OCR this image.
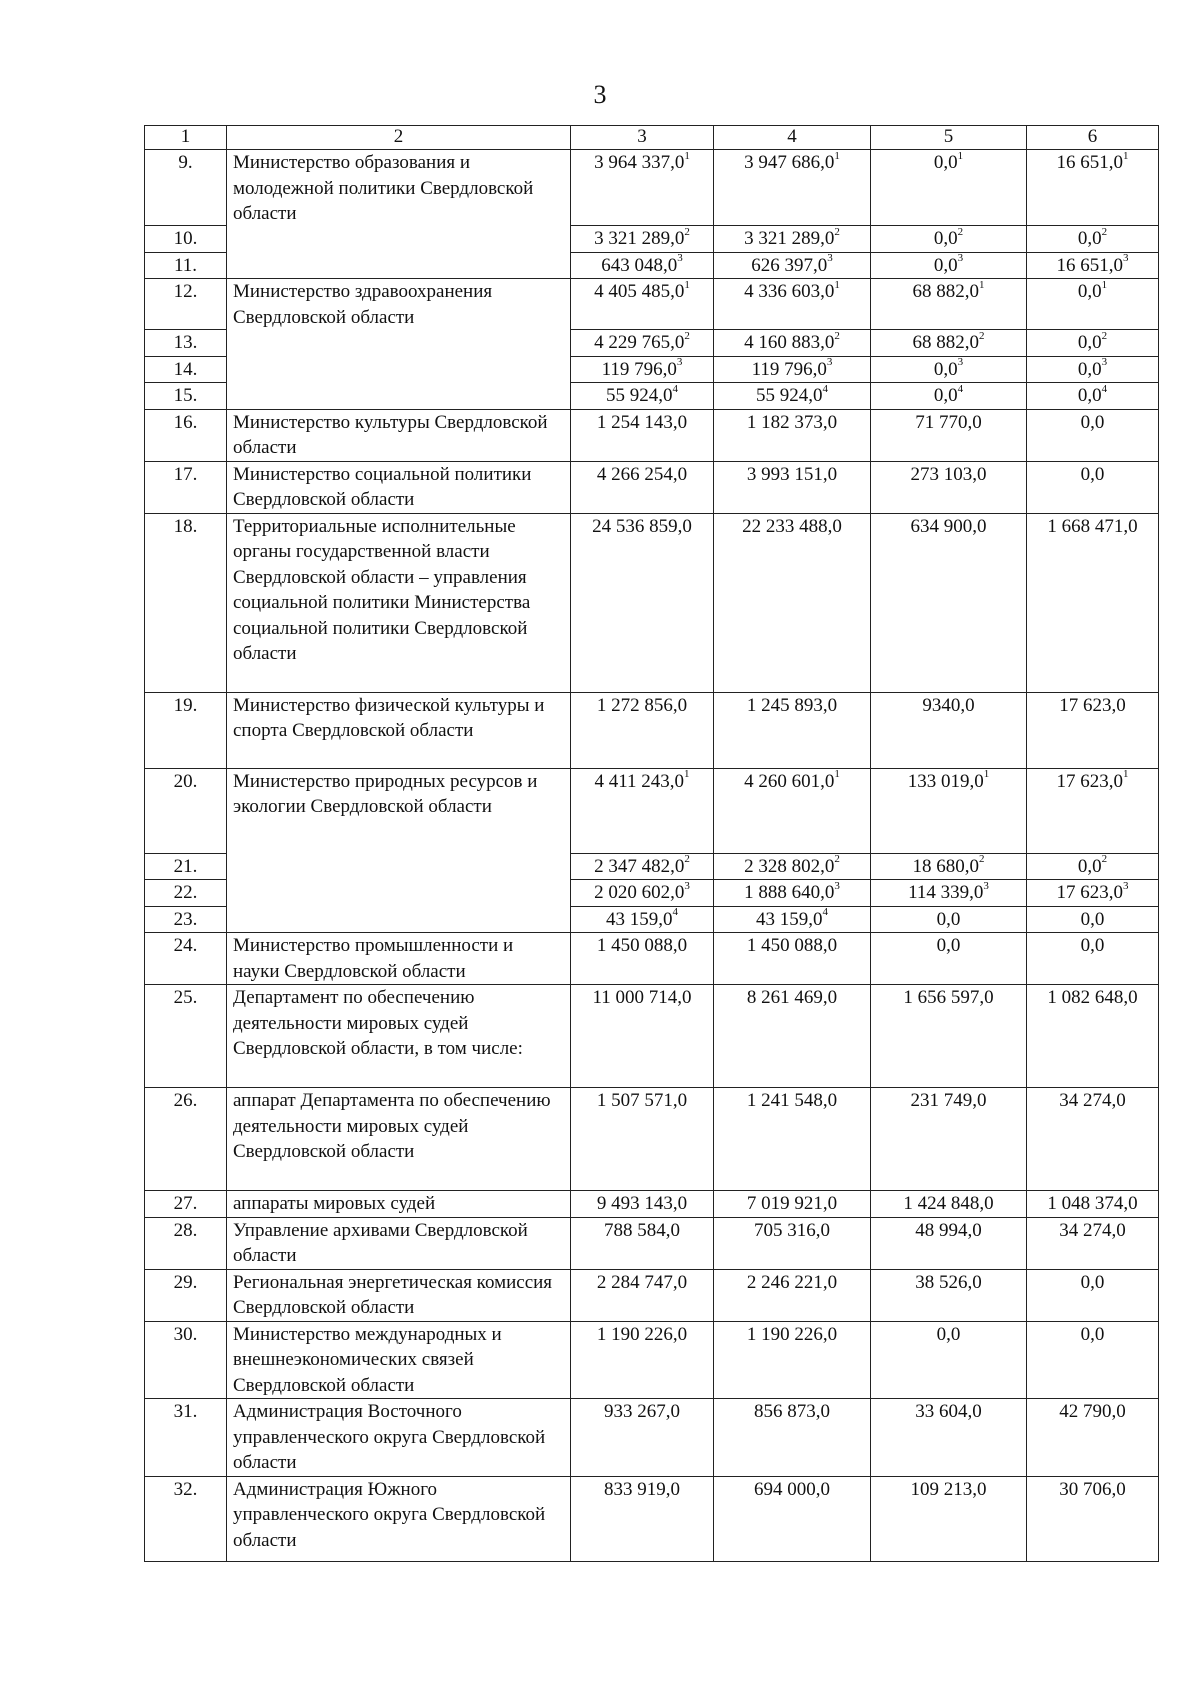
3
1	2	3	4	5	6
9.	Министерство образования и молодежной политики Свердловской области	3 964 337,0$^1$	3 947 686,0$^1$	$0,0^1$	16 651,0$^1$
10.		3 321 289,0$^2$	3 321 289,0$^2$	$0,0^2$	$0,0^2$
11.		643 048,0$^3$	626 397,0$^3$	$0,0^3$	16 651,0$^3$
12.	Министерство здравоохранения Свердловской области	4 405 485,0$^1$	4 336 603,0$^1$	68 882,0$^1$	$0,0^1$
13.		4 229 765,0$^2$	4 160 883,0$^2$	68 882,0$^2$	$0,0^2$
14.		119 796,0$^3$	119 796,0$^3$	$0,0^3$	$0,0^3$
15.		55 924,0$^4$	55 924,0$^4$	$0,0^4$	$0,0^4$
16.	Министерство культуры Свердловской области	1 254 143,0	1 182 373,0	71 770,0	0,0
17.	Министерство социальной политики Свердловской области	4 266 254,0	3 993 151,0	273 103,0	0,0
18.	Территориальные исполнительные органы государственной власти Свердловской области – управления социальной политики Министерства социальной политики Свердловской области	24 536 859,0	22 233 488,0	634 900,0	1 668 471,0
19.	Министерство физической культуры и спорта Свердловской области	1 272 856,0	1 245 893,0	9340,0	17 623,0
20.	Министерство природных ресурсов и экологии Свердловской области	4 411 243,0$^1$	4 260 601,0$^1$	133 019,0$^1$	17 623,0$^1$
21.		2 347 482,0$^2$	2 328 802,0$^2$	18 680,0$^2$	$0,0^2$
22.		2 020 602,0$^3$	1 888 640,0$^3$	114 339,0$^3$	17 623,0$^3$
23.		43 159,0$^4$	43 159,0$^4$	0,0	0,0
24.	Министерство промышленности и науки Свердловской области	1 450 088,0	1 450 088,0	0,0	0,0
25.	Департамент по обеспечению деятельности мировых судей Свердловской области, в том числе:	11 000 714,0	8 261 469,0	1 656 597,0	1 082 648,0
26.	аппарат Департамента по обеспечению деятельности мировых судей Свердловской области	1 507 571,0	1 241 548,0	231 749,0	34 274,0
27.	аппараты мировых судей	9 493 143,0	7 019 921,0	1 424 848,0	1 048 374,0
28.	Управление архивами Свердловской области	788 584,0	705 316,0	48 994,0	34 274,0
29.	Региональная энергетическая комиссия Свердловской области	2 284 747,0	2 246 221,0	38 526,0	0,0
30.	Министерство международных и внешнеэкономических связей Свердловской области	1 190 226,0	1 190 226,0	0,0	0,0
31.	Администрация Восточного управленческого округа Свердловской области	933 267,0	856 873,0	33 604,0	42 790,0
32.	Администрация Южного управленческого округа Свердловской области	833 919,0	694 000,0	109 213,0	30 706,0
